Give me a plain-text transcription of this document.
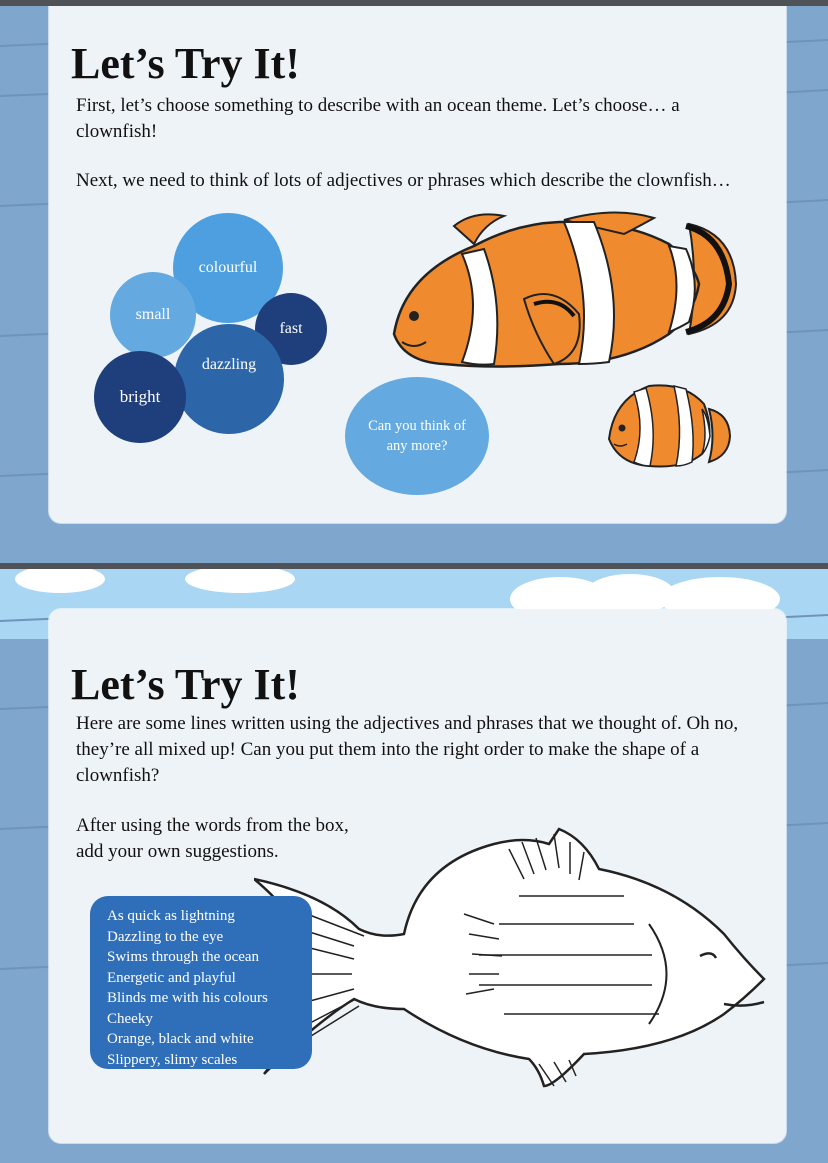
Let’s Try It!

First, let’s choose something to describe with an ocean theme. Let’s choose… a clownfish!

Next, we need to think of lots of adjectives or phrases which describe the clownfish…

colourful
small
fast
dazzling
bright
Can you think of any more?
Let’s Try It!

Here are some lines written using the adjectives and phrases that we thought of. Oh no, they’re all mixed up! Can you put them into the right order to make the shape of a clownfish?

After using the words from the box, add your own suggestions.

As quick as lightning
Dazzling to the eye
Swims through the ocean
Energetic and playful
Blinds me with his colours
Cheeky
Orange, black and white
Slippery, slimy scales
